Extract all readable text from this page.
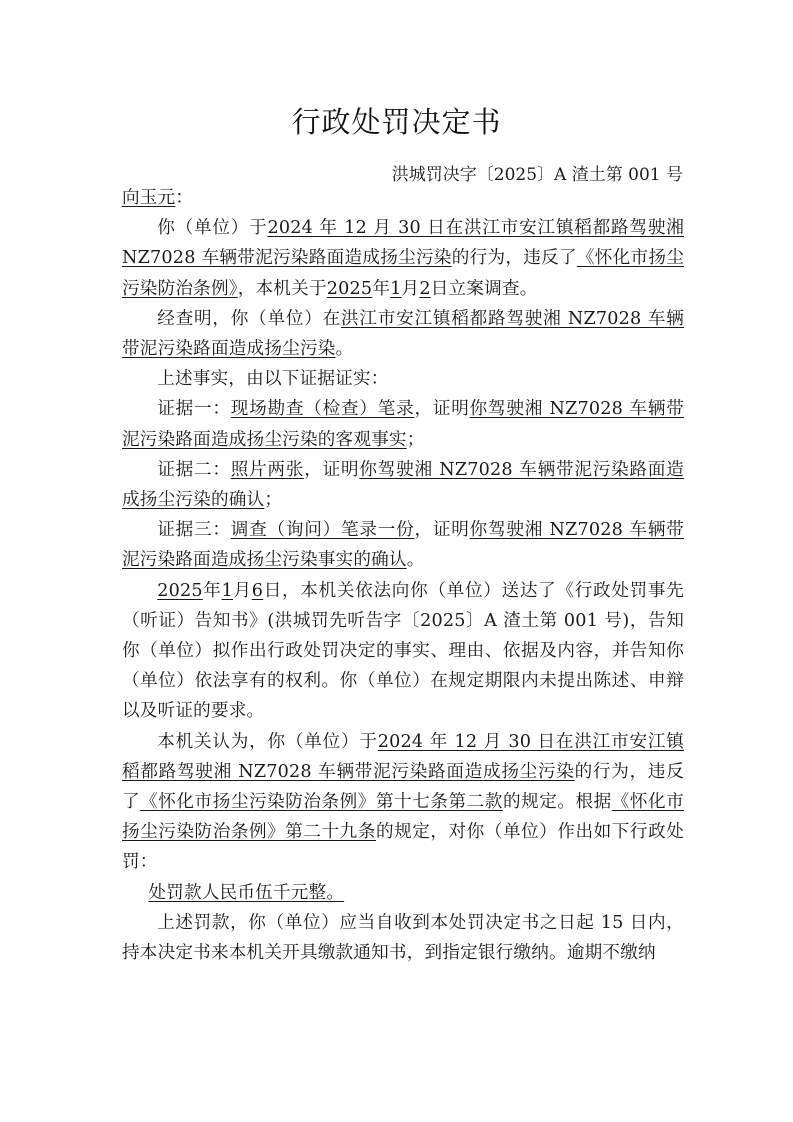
行政处罚决定书
洪城罚决字〔2025〕A 渣土第 001 号

向玉元：

你（单位）于2024 年 12 月 30 日在洪江市安江镇稻都路驾驶湘 NZ7028 车辆带泥污染路面造成扬尘污染的行为，违反了《怀化市扬尘污染防治条例》，本机关于2025年1月2日立案调查。

经查明，你（单位）在洪江市安江镇稻都路驾驶湘 NZ7028 车辆带泥污染路面造成扬尘污染。

上述事实，由以下证据证实：

证据一：现场勘查（检查）笔录，证明你驾驶湘 NZ7028 车辆带泥污染路面造成扬尘污染的客观事实；

证据二：照片两张，证明你驾驶湘 NZ7028 车辆带泥污染路面造成扬尘污染的确认；

证据三：调查（询问）笔录一份，证明你驾驶湘 NZ7028 车辆带泥污染路面造成扬尘污染事实的确认。

2025年1月6日，本机关依法向你（单位）送达了《行政处罚事先（听证）告知书》(洪城罚先听告字〔2025〕A 渣土第 001 号)，告知你（单位）拟作出行政处罚决定的事实、理由、依据及内容，并告知你（单位）依法享有的权利。你（单位）在规定期限内未提出陈述、申辩以及听证的要求。

本机关认为，你（单位）于2024 年 12 月 30 日在洪江市安江镇稻都路驾驶湘 NZ7028 车辆带泥污染路面造成扬尘污染的行为，违反了《怀化市扬尘污染防治条例》第十七条第二款的规定。根据《怀化市扬尘污染防治条例》第二十九条的规定，对你（单位）作出如下行政处罚：

处罚款人民币伍千元整。

上述罚款，你（单位）应当自收到本处罚决定书之日起 15 日内，持本决定书来本机关开具缴款通知书，到指定银行缴纳。逾期不缴纳
